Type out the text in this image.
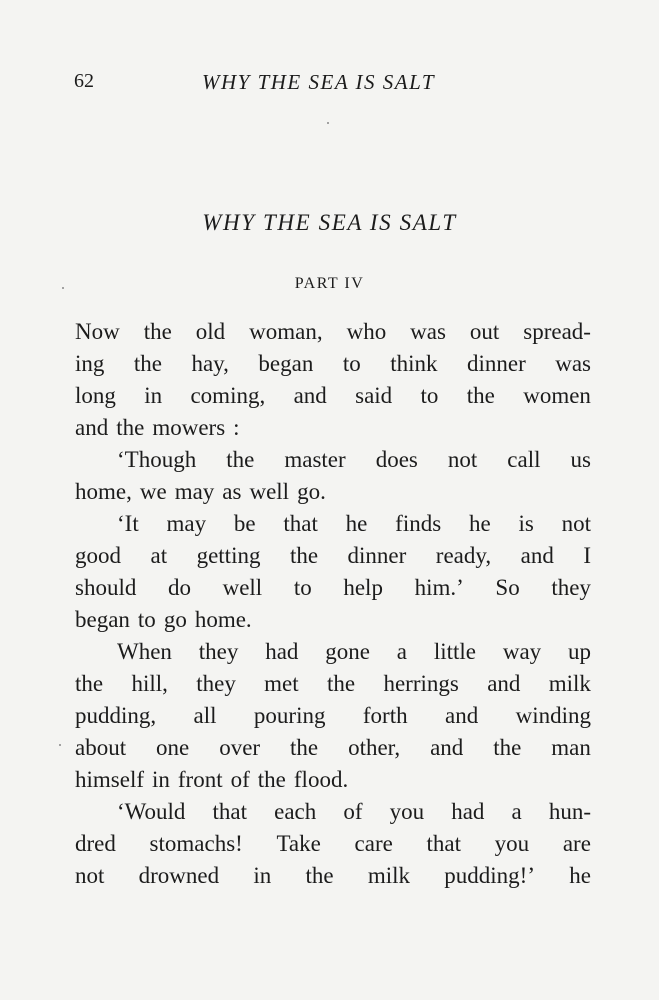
62	WHY THE SEA IS SALT
WHY THE SEA IS SALT
PART IV
Now the old woman, who was out spread-
ing the hay, began to think dinner was
long in coming, and said to the women
and the mowers :
‘Though the master does not call us
home, we may as well go.
‘It may be that he finds he is not
good at getting the dinner ready, and I
should do well to help him.’ So they
began to go home.
When they had gone a little way up
the hill, they met the herrings and milk
pudding, all pouring forth and winding
about one over the other, and the man
himself in front of the flood.
‘Would that each of you had a hun-
dred stomachs! Take care that you are
not drowned in the milk pudding!’ he
